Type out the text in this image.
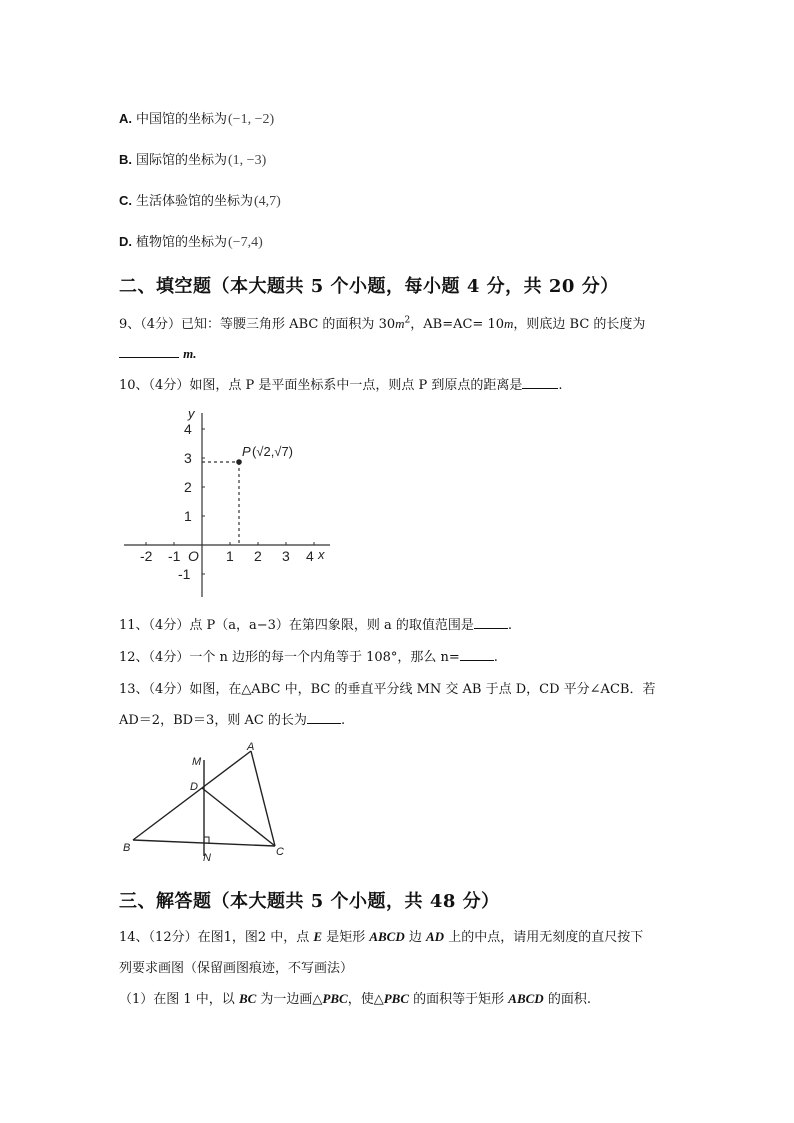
A. 中国馆的坐标为(−1, −2)
B. 国际馆的坐标为(1, −3)
C. 生活体验馆的坐标为(4,7)
D. 植物馆的坐标为(−7,4)
二、填空题（本大题共 5 个小题，每小题 4 分，共 20 分）
9、（4分）已知：等腰三角形 ABC 的面积为 $30m^2$，AB=AC= 10m，则底边 BC 的长度为
m.
10、（4分）如图，点 P 是平面坐标系中一点，则点 P 到原点的距离是	.
-2 -1 O 1 2 3 4 x
y
4
3
2
1
-1
P (√2,√7)
11、（4分）点 P（a，a−3）在第四象限，则 a 的取值范围是	.
12、（4分）一个 n 边形的每一个内角等于 108°，那么 n=	.
13、（4分）如图，在△ABC 中，BC 的垂直平分线 MN 交 AB 于点 D，CD 平分∠ACB．若
AD＝2，BD＝3，则 AC 的长为	.
M
A
D
B
N	C
三、解答题（本大题共 5 个小题，共 48 分）
14、（12分）在图1，图2 中，点 E 是矩形 ABCD 边 AD 上的中点，请用无刻度的直尺按下
列要求画图（保留画图痕迹，不写画法）
（1）在图 1 中，以 BC 为一边画△PBC，使△PBC 的面积等于矩形 ABCD 的面积.
